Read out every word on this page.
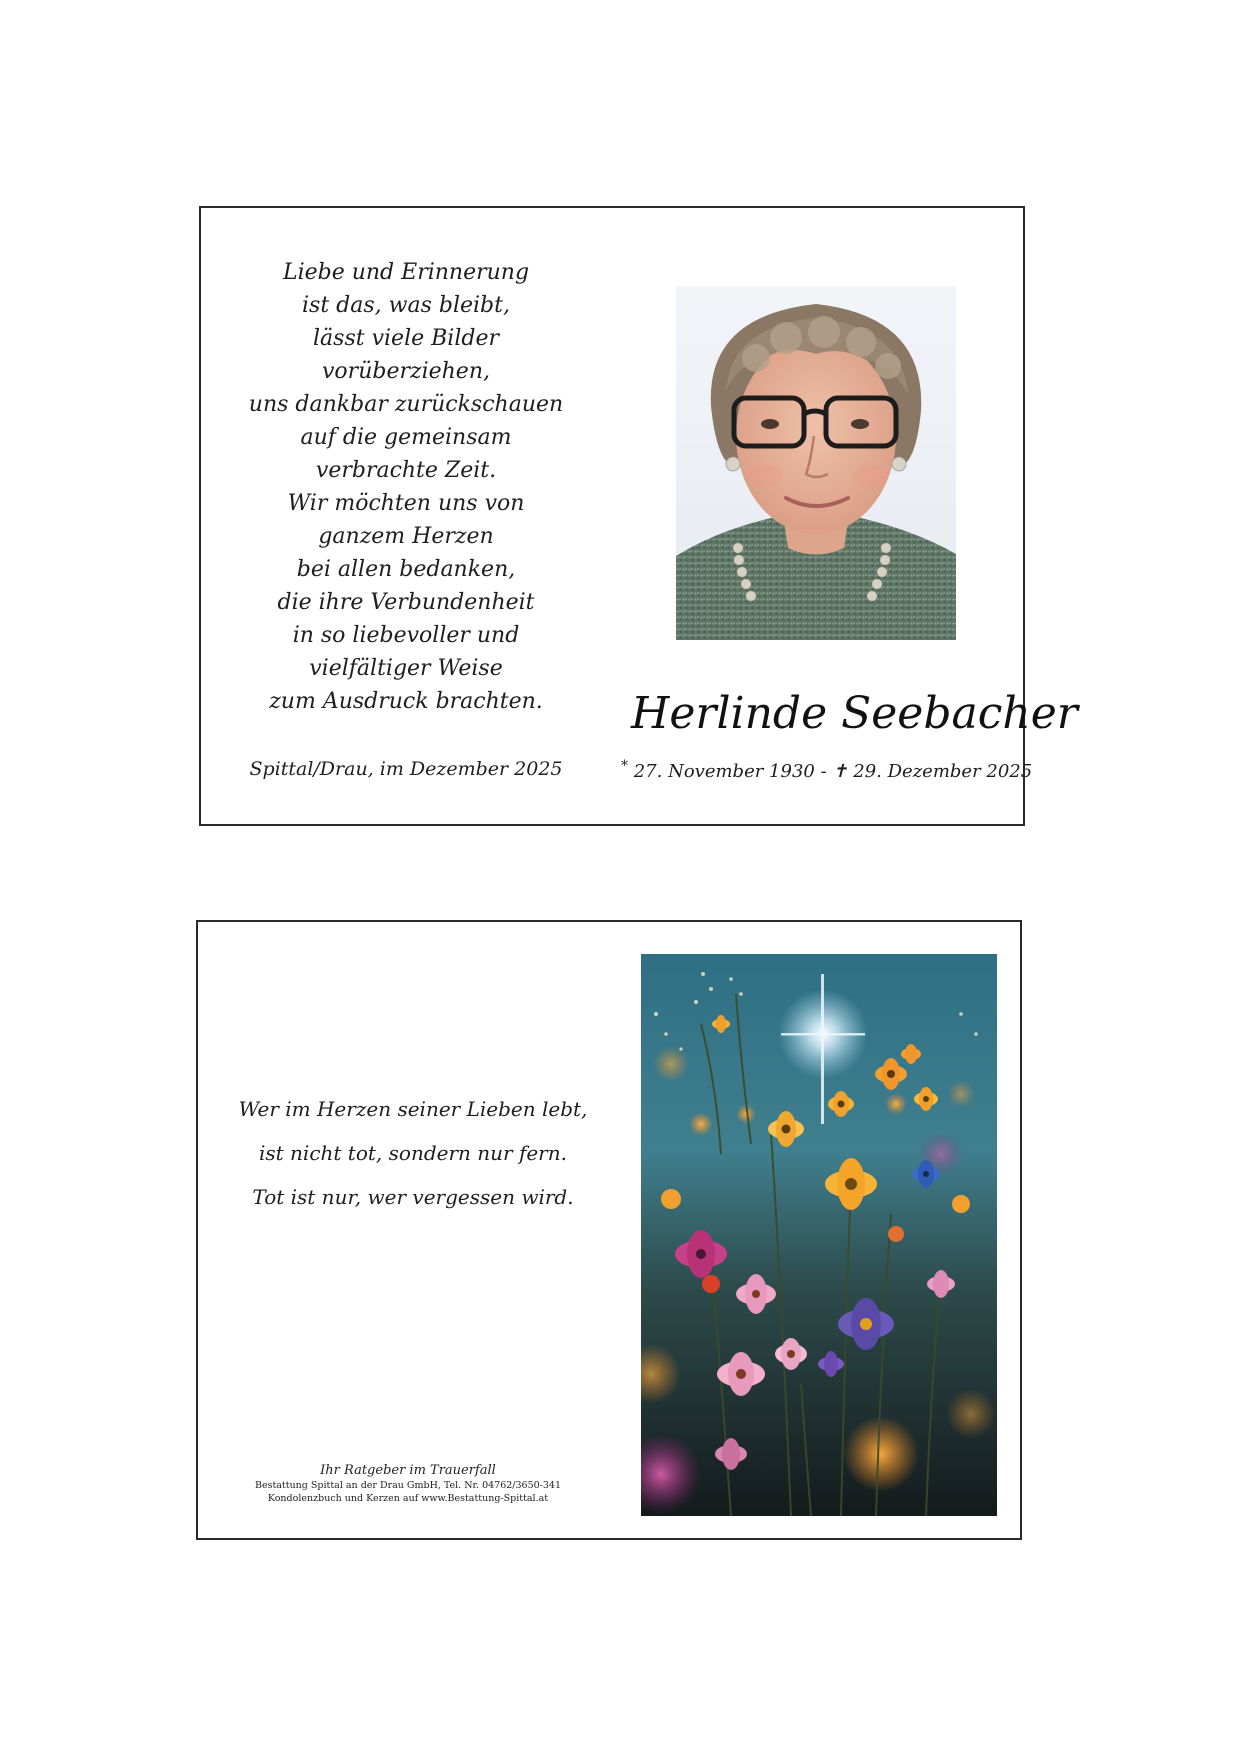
Liebe und Erinnerung
ist das, was bleibt,
lässt viele Bilder
vorüberziehen,
uns dankbar zurückschauen
auf die gemeinsam
verbrachte Zeit.
Wir möchten uns von
ganzem Herzen
bei allen bedanken,
die ihre Verbundenheit
in so liebevoller und
vielfältiger Weise
zum Ausdruck brachten.
Spittal/Drau, im Dezember 2025
Herlinde Seebacher
* 27. November 1930 - ✝ 29. Dezember 2025
Wer im Herzen seiner Lieben lebt,
ist nicht tot, sondern nur fern.
Tot ist nur, wer vergessen wird.
Ihr Ratgeber im Trauerfall
Bestattung Spittal an der Drau GmbH, Tel. Nr. 04762/3650-341
Kondolenzbuch und Kerzen auf www.Bestattung-Spittal.at
